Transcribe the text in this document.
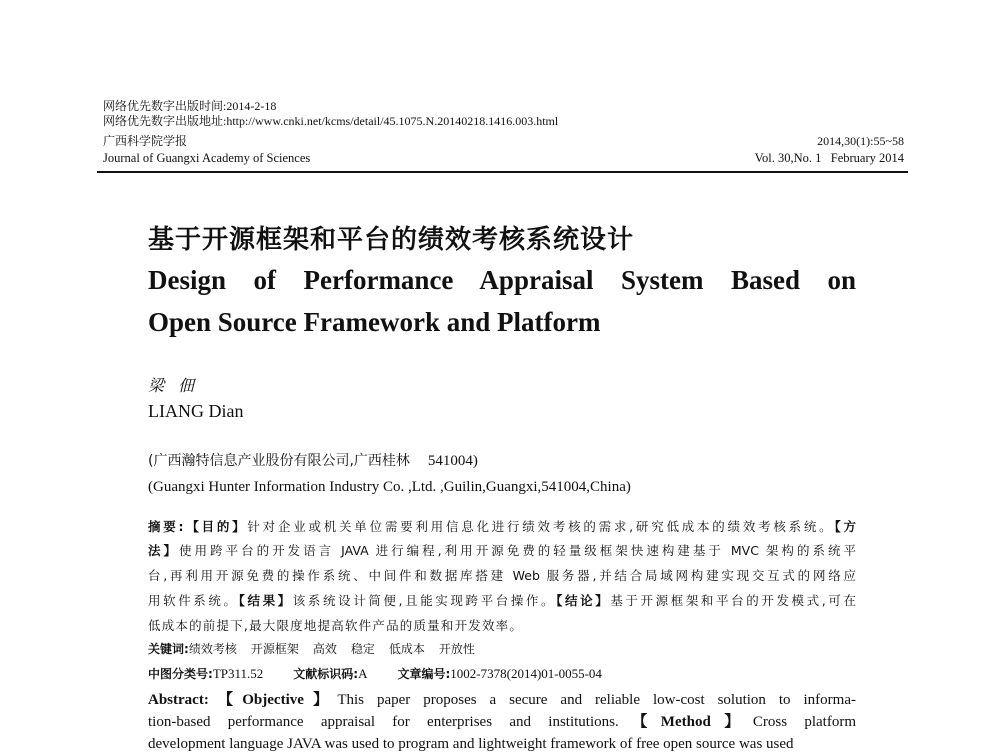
网络优先数字出版时间:2014-2-18
网络优先数字出版地址:http://www.cnki.net/kcms/detail/45.1075.N.20140218.1416.003.html
广西科学院学报
Journal of Guangxi Academy of Sciences
2014,30(1):55~58
Vol. 30,No. 1   February 2014
基于开源框架和平台的绩效考核系统设计
Design of Performance Appraisal System Based on
Open Source Framework and Platform
梁佃
LIANG Dian
(广西瀚特信息产业股份有限公司,广西桂林 541004)
(Guangxi Hunter Information Industry Co. ,Ltd. ,Guilin,Guangxi,541004,China)
摘要:【目的】针对企业或机关单位需要利用信息化进行绩效考核的需求,研究低成本的绩效考核系统。【方
法】使用跨平台的开发语言 JAVA 进行编程,利用开源免费的轻量级框架快速构建基于 MVC 架构的系统平
台,再利用开源免费的操作系统、中间件和数据库搭建 Web 服务器,并结合局域网构建实现交互式的网络应
用软件系统。【结果】该系统设计简便,且能实现跨平台操作。【结论】基于开源框架和平台的开发模式,可在
低成本的前提下,最大限度地提高软件产品的质量和开发效率。
关键词:绩效考核 开源框架 高效 稳定 低成本 开放性
中图分类号:TP311.52	文献标识码:A	文章编号:1002-7378(2014)01-0055-04
Abstract:【Objective】This paper proposes a secure and reliable low-cost solution to informa-
tion-based performance appraisal for enterprises and institutions.【Method】Cross platform
development language JAVA was used to program and lightweight framework of free open source was used
